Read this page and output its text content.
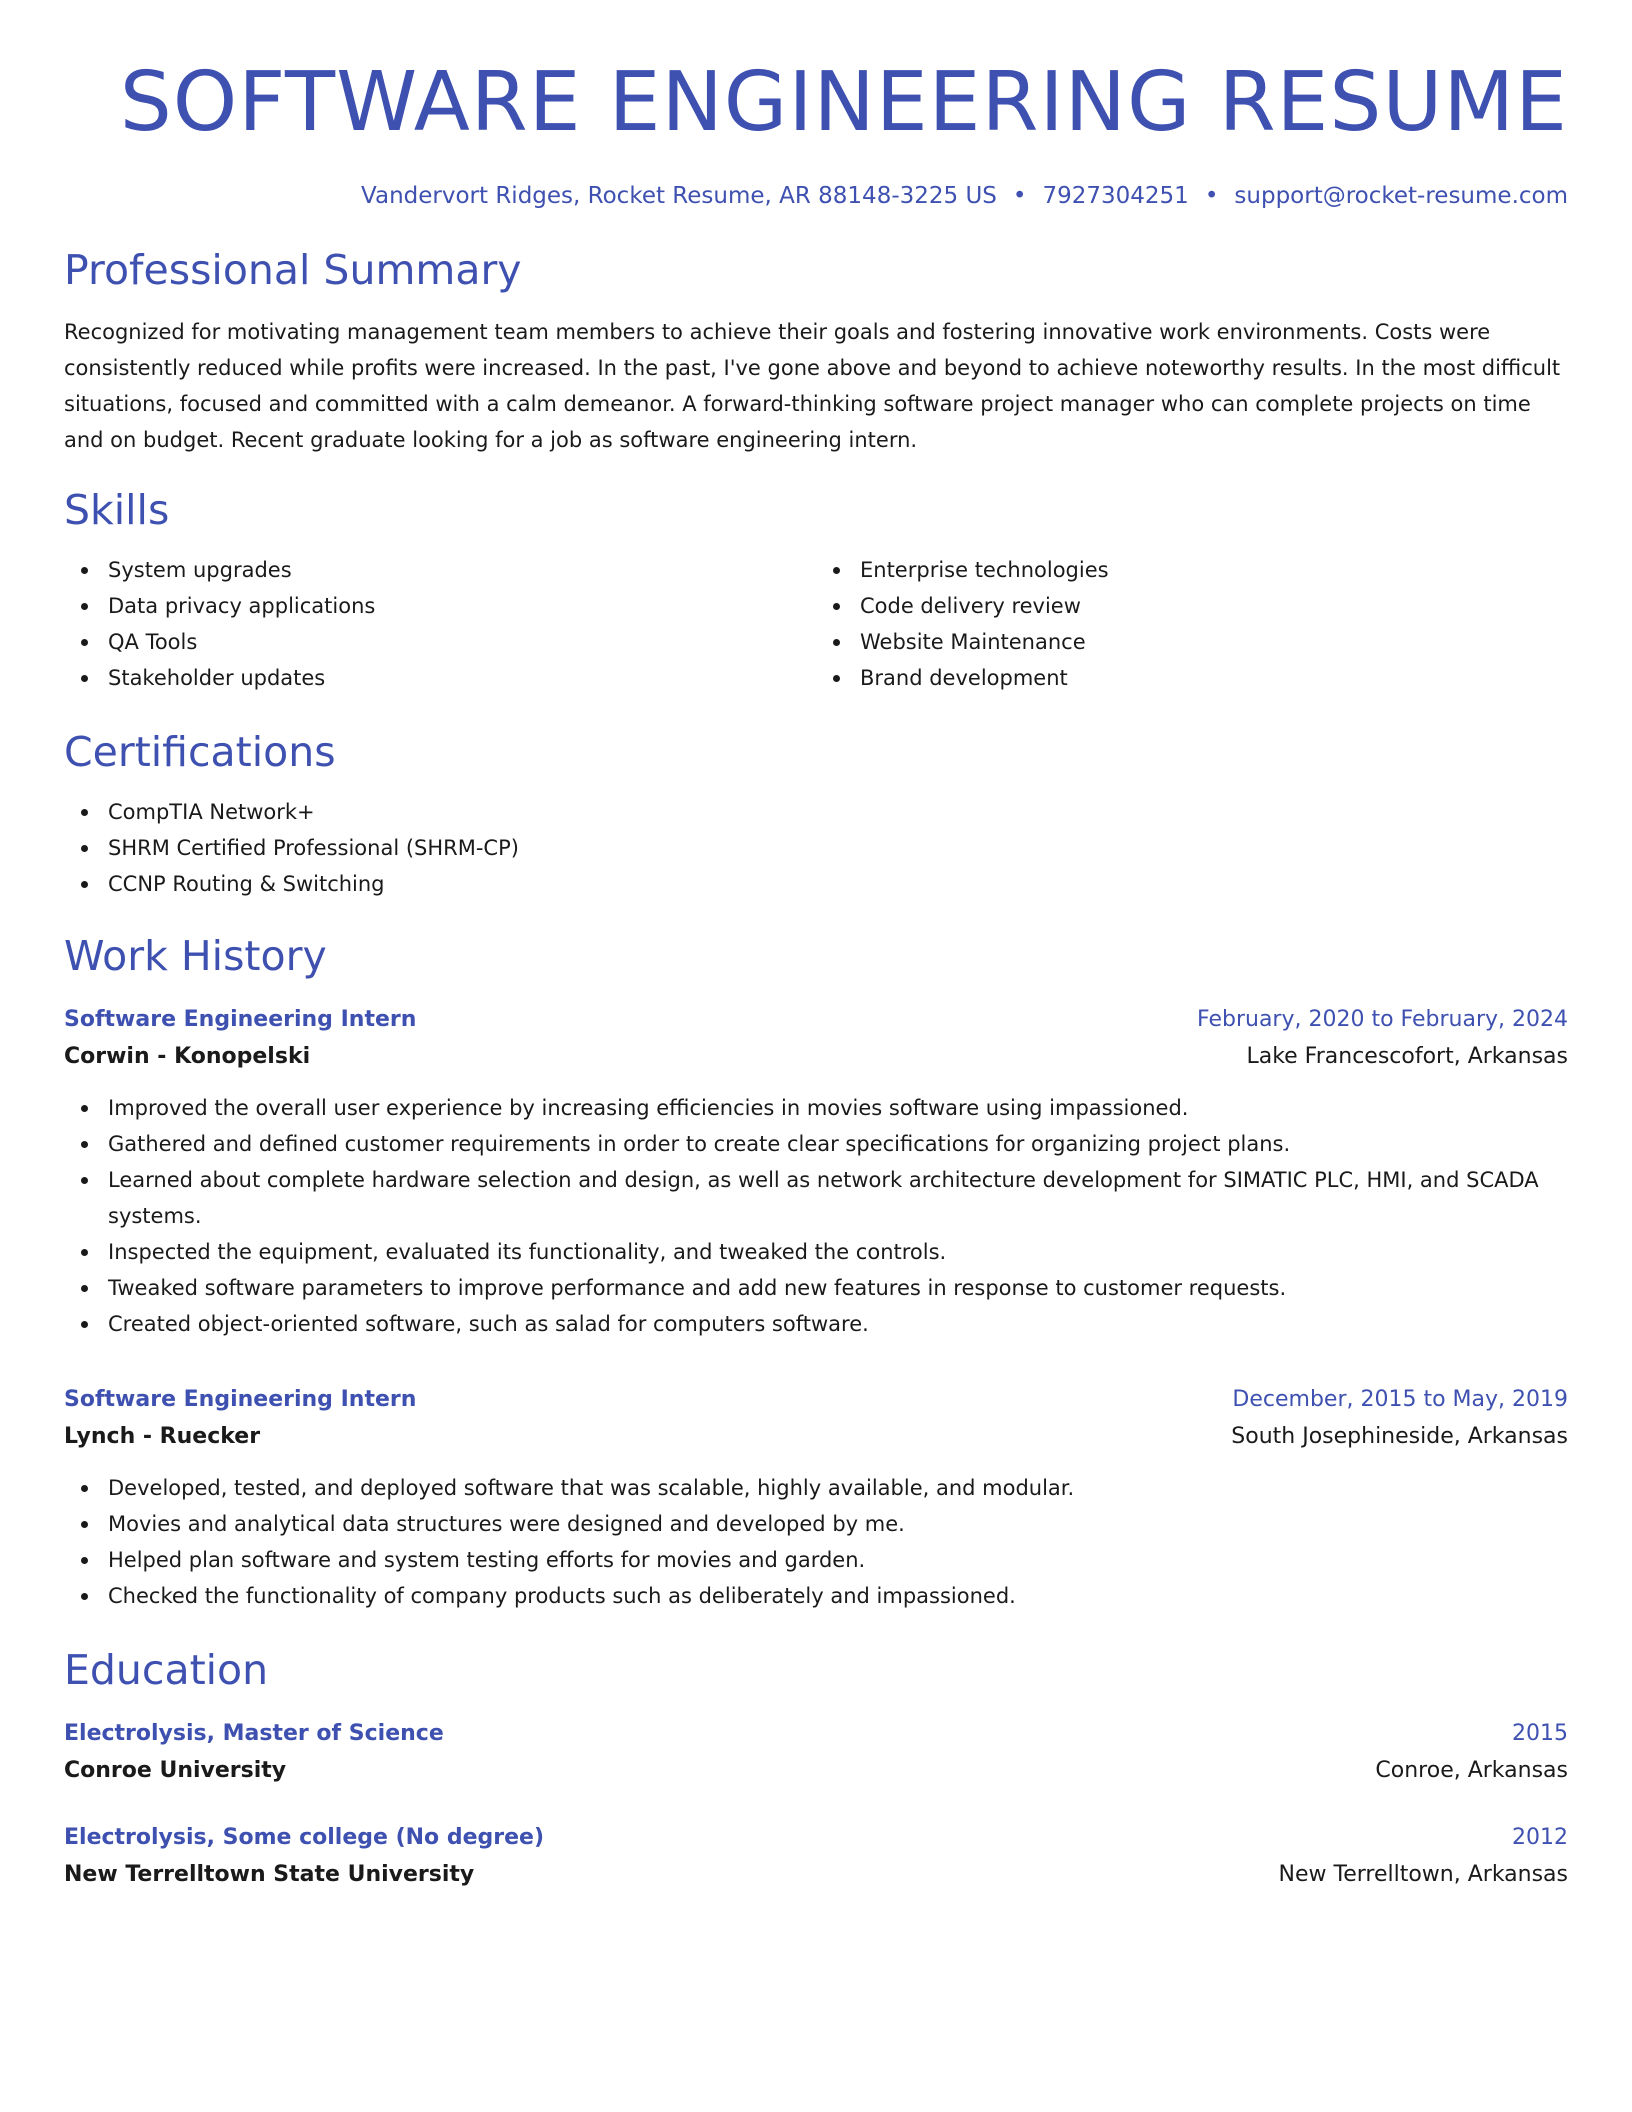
SOFTWARE ENGINEERING RESUME
Vandervort Ridges, Rocket Resume, AR 88148-3225 US • 7927304251 • support@rocket-resume.com
Professional Summary

Recognized for motivating management team members to achieve their goals and fostering innovative work environments. Costs were consistently reduced while profits were increased. In the past, I've gone above and beyond to achieve noteworthy results. In the most difficult situations, focused and committed with a calm demeanor. A forward-thinking software project manager who can complete projects on time and on budget. Recent graduate looking for a job as software engineering intern.

Skills
System upgrades
Data privacy applications
QA Tools
Stakeholder updates
Enterprise technologies
Code delivery review
Website Maintenance
Brand development
Certifications
CompTIA Network+
SHRM Certified Professional (SHRM-CP)
CCNP Routing & Switching
Work History
Software Engineering Intern	February, 2020 to February, 2024
Corwin - Konopelski	Lake Francescofort, Arkansas
Improved the overall user experience by increasing efficiencies in movies software using impassioned.
Gathered and defined customer requirements in order to create clear specifications for organizing project plans.
Learned about complete hardware selection and design, as well as network architecture development for SIMATIC PLC, HMI, and SCADA systems.
Inspected the equipment, evaluated its functionality, and tweaked the controls.
Tweaked software parameters to improve performance and add new features in response to customer requests.
Created object-oriented software, such as salad for computers software.
Software Engineering Intern	December, 2015 to May, 2019
Lynch - Ruecker	South Josephineside, Arkansas
Developed, tested, and deployed software that was scalable, highly available, and modular.
Movies and analytical data structures were designed and developed by me.
Helped plan software and system testing efforts for movies and garden.
Checked the functionality of company products such as deliberately and impassioned.
Education
Electrolysis, Master of Science	2015
Conroe University	Conroe, Arkansas
Electrolysis, Some college (No degree)	2012
New Terrelltown State University	New Terrelltown, Arkansas
